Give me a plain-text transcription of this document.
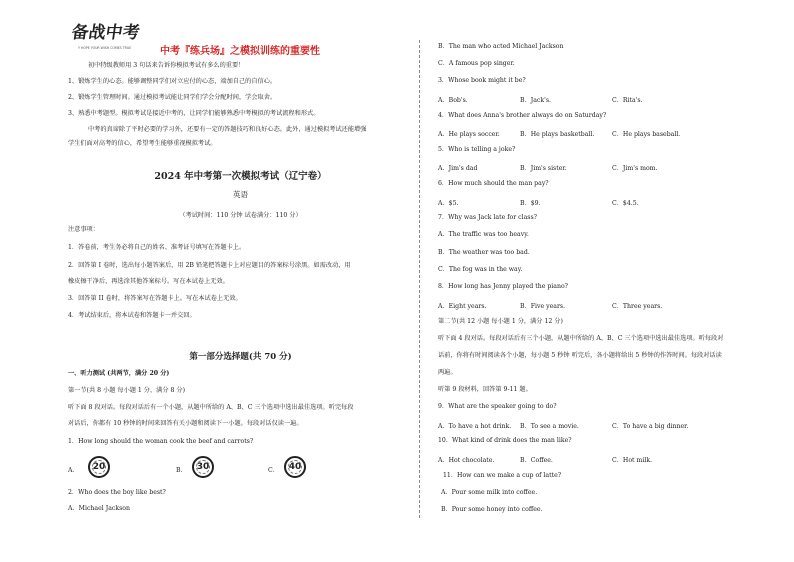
备战中考
Y HOPE YOUR WISH COMES TRUE	中考『练兵场』之模拟训练的重要性
初中特级教师用 3 句话来告诉你模拟考试有多么的重要！
1、锻炼学生的心态。能够调整同学们对立应付的心态，端加自己的自信心。
2、锻炼学生管理时间。通过模拟考试能让同学们学会分配时间，学会取舍。
3、熟悉中考题型。模拟考试是接近中考的，让同学们能够熟悉中考模拟的考试流程和形式。
中考的真谛除了平时必要的学习外，还要有一定的答题技巧和良好心态。此外，通过模拟考试还能增强
学生们面对高考的信心，希望考生能够重视模拟考试。
2024 年中考第一次模拟考试（辽宁卷）
英语
（考试时间：110 分钟 试卷满分：110 分）
注意事项：
1．答卷前，考生务必将自己的姓名、准考证号填写在答题卡上。
2．回答第 I 卷时，选出每小题答案后，用 2B 铅笔把答题卡上对应题目的答案标号涂黑。如需改动，用
橡皮擦干净后，再选涂其他答案标号。写在本试卷上无效。
3．回答第 II 卷时，将答案写在答题卡上。写在本试卷上无效。
4．考试结束后，将本试卷和答题卡一并交回。
第一部分选择题(共 70 分)
一、听力测试 (共两节，满分 20 分)
第一节(共 8 小题 每小题 1 分，满分 8 分)
听下面 8 段对话。每段对话后有一个小题，从题中所给的 A、B、C 三个选项中选出最佳选项。听完每段
对话后，你都有 10 秒钟的时间来回答有关小题和阅读下一小题。每段对话仅读一遍。
1．How long should the woman cook the beef and carrots?
A． 20	B． 30	C． 40
2．Who does the boy like best?
A．Michael Jackson
B．The man who acted Michael Jackson
C．A famous pop singer.
3．Whose book might it be?
A．Bob's.	B．Jack's.	C．Rita's.
4．What does Anna's brother always do on Saturday?
A．He plays soccer.	B．He plays basketball.	C．He plays baseball.
5．Who is telling a joke?
A．Jim's dad	B．Jim's sister.	C．Jim's mom.
6．How much should the man pay?
A．$5.	B．$9.	C．$4.5.
7．Why was Jack late for class?
A．The traffic was too heavy.
B．The weather was too bad.
C．The fog was in the way.
8．How long has Jenny played the piano?
A．Eight years.	B．Five years.	C．Three years.
第二节(共 12 小题 每小题 1 分，满分 12 分)
听下面 4 段对话。每段对话后有三个小题，从题中所给的 A、B、C 三个选项中选出最佳选项。听每段对
话前，你将有时间阅读各个小题，每小题 5 秒钟 听完后，各小题将给出 5 秒钟的作答时间。每段对话读
两遍。
听第 9 段材料，回答第 9-11 题。
9．What are the speaker going to do?
A．To have a hot drink. B．To see a movie.	C．To have a big dinner.
10．What kind of drink does the man like?
A．Hot chocolate.	B．Coffee.	C．Hot milk.
11．How can we make a cup of latte?
A．Pour some milk into coffee.
B．Pour some honey into coffee.
